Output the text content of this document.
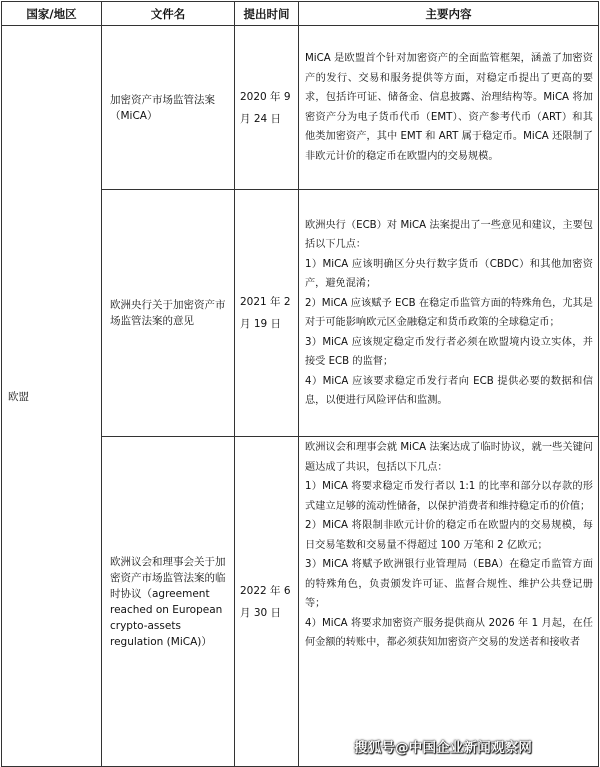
国家/地区	文件名	提出时间	主要内容
欧盟	加密资产市场监管法案（MiCA）	2020 年 9 月 24 日	MiCA 是欧盟首个针对加密资产的全面监管框架，涵盖了加密资产的发行、交易和服务提供等方面，对稳定币提出了更高的要求，包括许可证、储备金、信息披露、治理结构等。MiCA 将加密资产分为电子货币代币（EMT）、资产参考代币（ART）和其他类加密资产，其中 EMT 和 ART 属于稳定币。MiCA 还限制了非欧元计价的稳定币在欧盟内的交易规模。

	欧洲央行关于加密资产市场监管法案的意见	2021 年 2 月 19 日	欧洲央行（ECB）对 MiCA 法案提出了一些意见和建议，主要包括以下几点：

1）MiCA 应该明确区分央行数字货币（CBDC）和其他加密资产，避免混淆；

2）MiCA 应该赋予 ECB 在稳定币监管方面的特殊角色，尤其是对于可能影响欧元区金融稳定和货币政策的全球稳定币；

3）MiCA 应该规定稳定币发行者必须在欧盟境内设立实体，并接受 ECB 的监督；

4）MiCA 应该要求稳定币发行者向 ECB 提供必要的数据和信息，以便进行风险评估和监测。

	欧洲议会和理事会关于加密资产市场监管法案的临时协议（agreement reached on European crypto-assets regulation (MiCA)）	2022 年 6 月 30 日	欧洲议会和理事会就 MiCA 法案达成了临时协议，就一些关键问题达成了共识，包括以下几点：

1）MiCA 将要求稳定币发行者以 1:1 的比率和部分以存款的形式建立足够的流动性储备，以保护消费者和维持稳定币的价值；

2）MiCA 将限制非欧元计价的稳定币在欧盟内的交易规模，每日交易笔数和交易量不得超过 100 万笔和 2 亿欧元；

3）MiCA 将赋予欧洲银行业管理局（EBA）在稳定币监管方面的特殊角色，负责颁发许可证、监督合规性、维护公共登记册等；

4）MiCA 将要求加密资产服务提供商从 2026 年 1 月起，在任何金额的转账中，都必须获知加密资产交易的发送者和接收者

搜狐号@中国企业新闻观察网
